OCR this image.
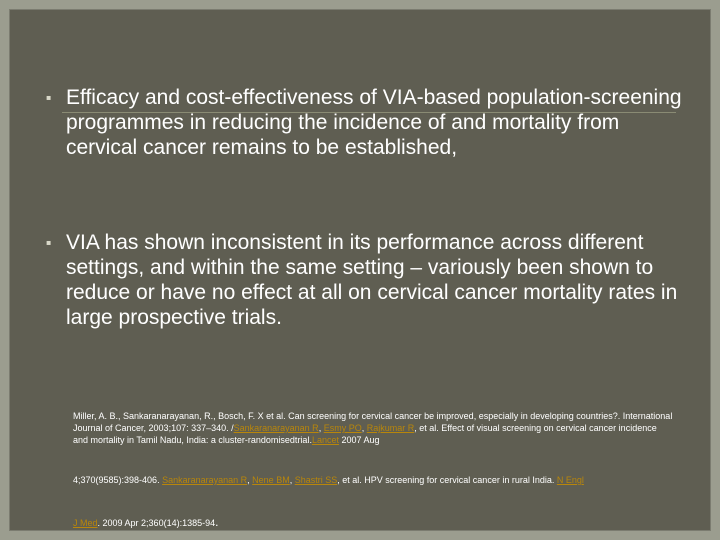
▪ Efficacy and cost-effectiveness of VIA-based population-screening programmes in reducing the incidence of and mortality from cervical cancer remains to be established,
▪ VIA has shown inconsistent in its performance across different settings, and within the same setting – variously been shown to reduce or have no effect at all on cervical cancer mortality rates in large prospective trials.
Miller, A. B., Sankaranarayanan, R., Bosch, F. X et al. Can screening for cervical cancer be improved, especially in developing countries?. International Journal of Cancer, 2003;107: 337–340. /Sankaranarayanan R, Esmy PO, Rajkumar R, et al. Effect of visual screening on cervical cancer incidence and mortality in Tamil Nadu, India: a cluster-randomisedtrial.Lancet 2007 Aug
4;370(9585):398-406. Sankaranarayanan R, Nene BM, Shastri SS, et al. HPV screening for cervical cancer in rural India. N Engl
J Med. 2009 Apr 2;360(14):1385-94.
